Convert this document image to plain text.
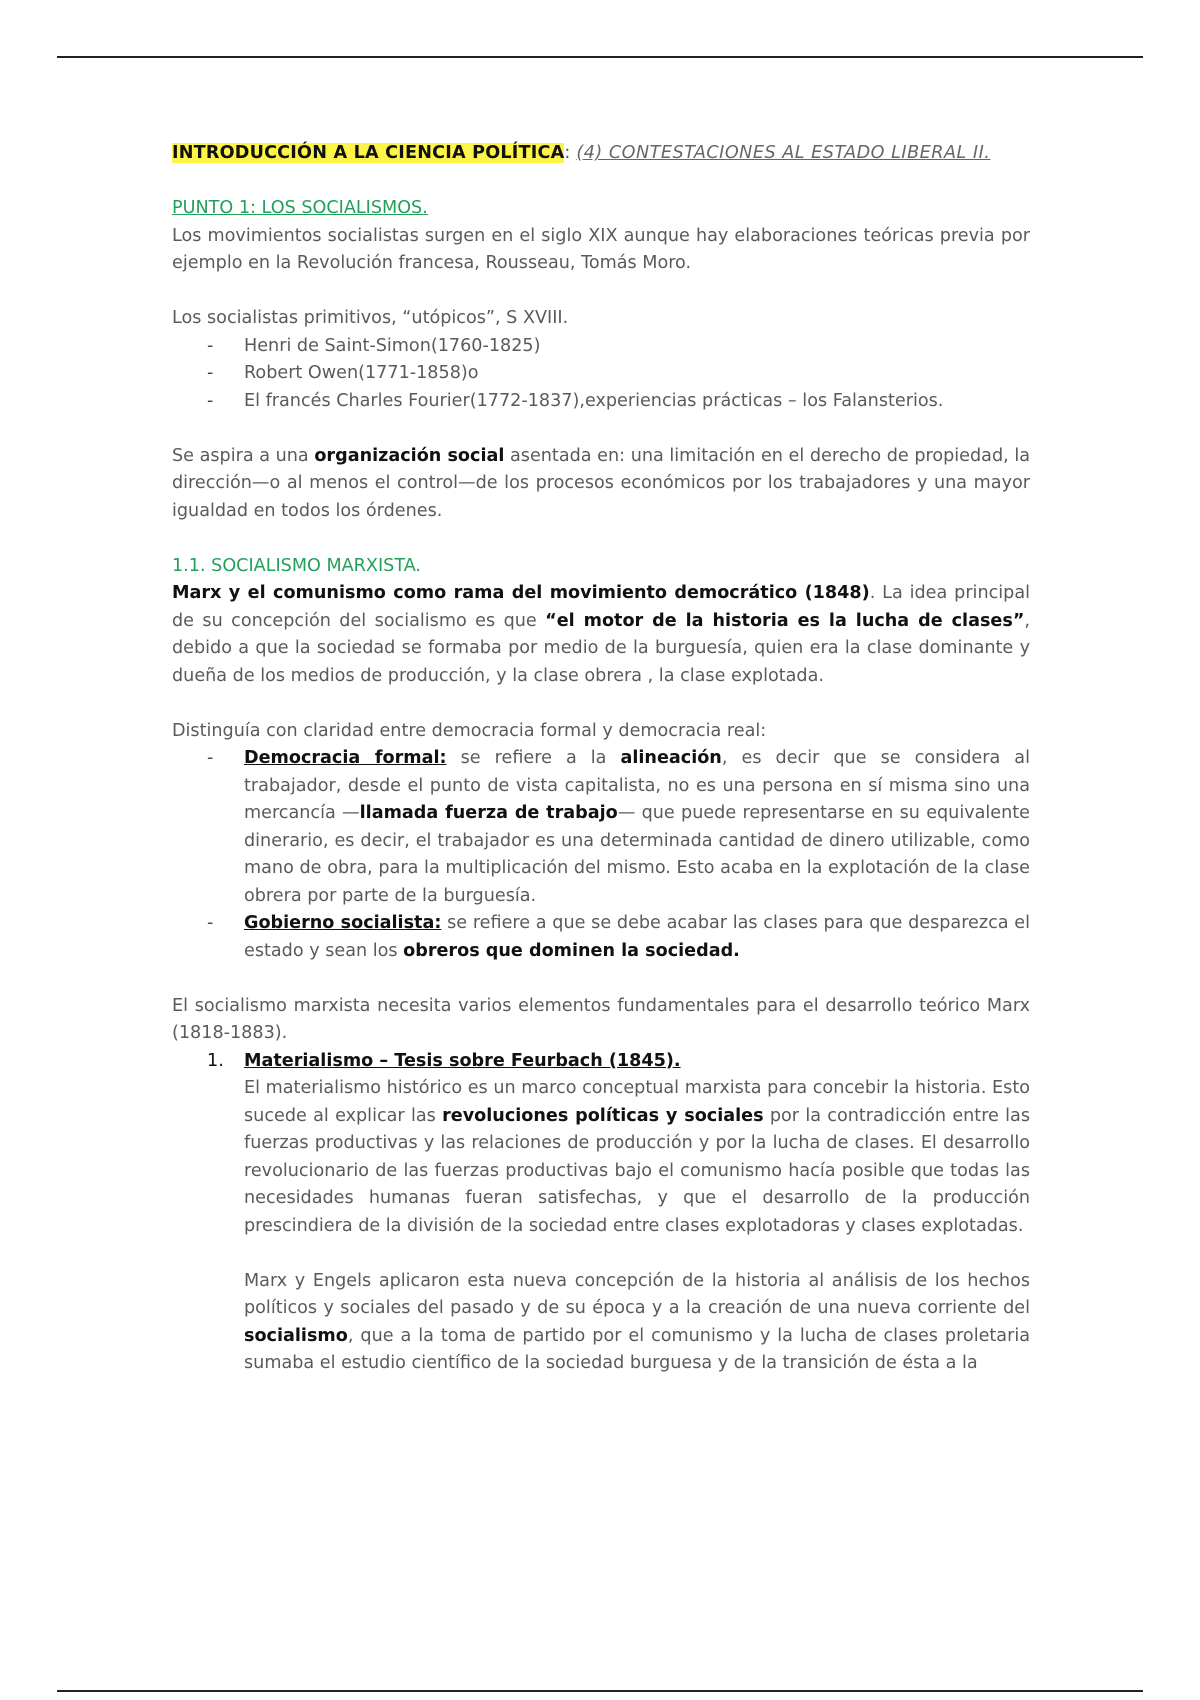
INTRODUCCIÓN A LA CIENCIA POLÍTICA: (4) CONTESTACIONES AL ESTADO LIBERAL II.

PUNTO 1: LOS SOCIALISMOS.

Los movimientos socialistas surgen en el siglo XIX aunque hay elaboraciones teóricas previa por ejemplo en la Revolución francesa, Rousseau, Tomás Moro.

Los socialistas primitivos, “utópicos”, S XVIII.

- Henri de Saint-Simon(1760-1825)
- Robert Owen(1771-1858)o
- El francés Charles Fourier(1772-1837),experiencias prácticas – los Falansterios.

Se aspira a una organización social asentada en: una limitación en el derecho de propiedad, la dirección—o al menos el control—de los procesos económicos por los trabajadores y una mayor igualdad en todos los órdenes.

1.1. SOCIALISMO MARXISTA.

Marx y el comunismo como rama del movimiento democrático (1848). La idea principal de su concepción del socialismo es que “el motor de la historia es la lucha de clases”, debido a que la sociedad se formaba por medio de la burguesía, quien era la clase dominante y dueña de los medios de producción, y la clase obrera , la clase explotada.

Distinguía con claridad entre democracia formal y democracia real:

- Democracia formal: se refiere a la alineación, es decir que se considera al trabajador, desde el punto de vista capitalista, no es una persona en sí misma sino una mercancía —llamada fuerza de trabajo— que puede representarse en su equivalente dinerario, es decir, el trabajador es una determinada cantidad de dinero utilizable, como mano de obra, para la multiplicación del mismo. Esto acaba en la explotación de la clase obrera por parte de la burguesía.
- Gobierno socialista: se refiere a que se debe acabar las clases para que desparezca el estado y sean los obreros que dominen la sociedad.

El socialismo marxista necesita varios elementos fundamentales para el desarrollo teórico Marx (1818-1883).

1. Materialismo – Tesis sobre Feurbach (1845).

El materialismo histórico es un marco conceptual marxista para concebir la historia. Esto sucede al explicar las revoluciones políticas y sociales por la contradicción entre las fuerzas productivas y las relaciones de producción y por la lucha de clases. El desarrollo revolucionario de las fuerzas productivas bajo el comunismo hacía posible que todas las necesidades humanas fueran satisfechas, y que el desarrollo de la producción prescindiera de la división de la sociedad entre clases explotadoras y clases explotadas.

Marx y Engels aplicaron esta nueva concepción de la historia al análisis de los hechos políticos y sociales del pasado y de su época y a la creación de una nueva corriente del socialismo, que a la toma de partido por el comunismo y la lucha de clases proletaria sumaba el estudio científico de la sociedad burguesa y de la transición de ésta a la
